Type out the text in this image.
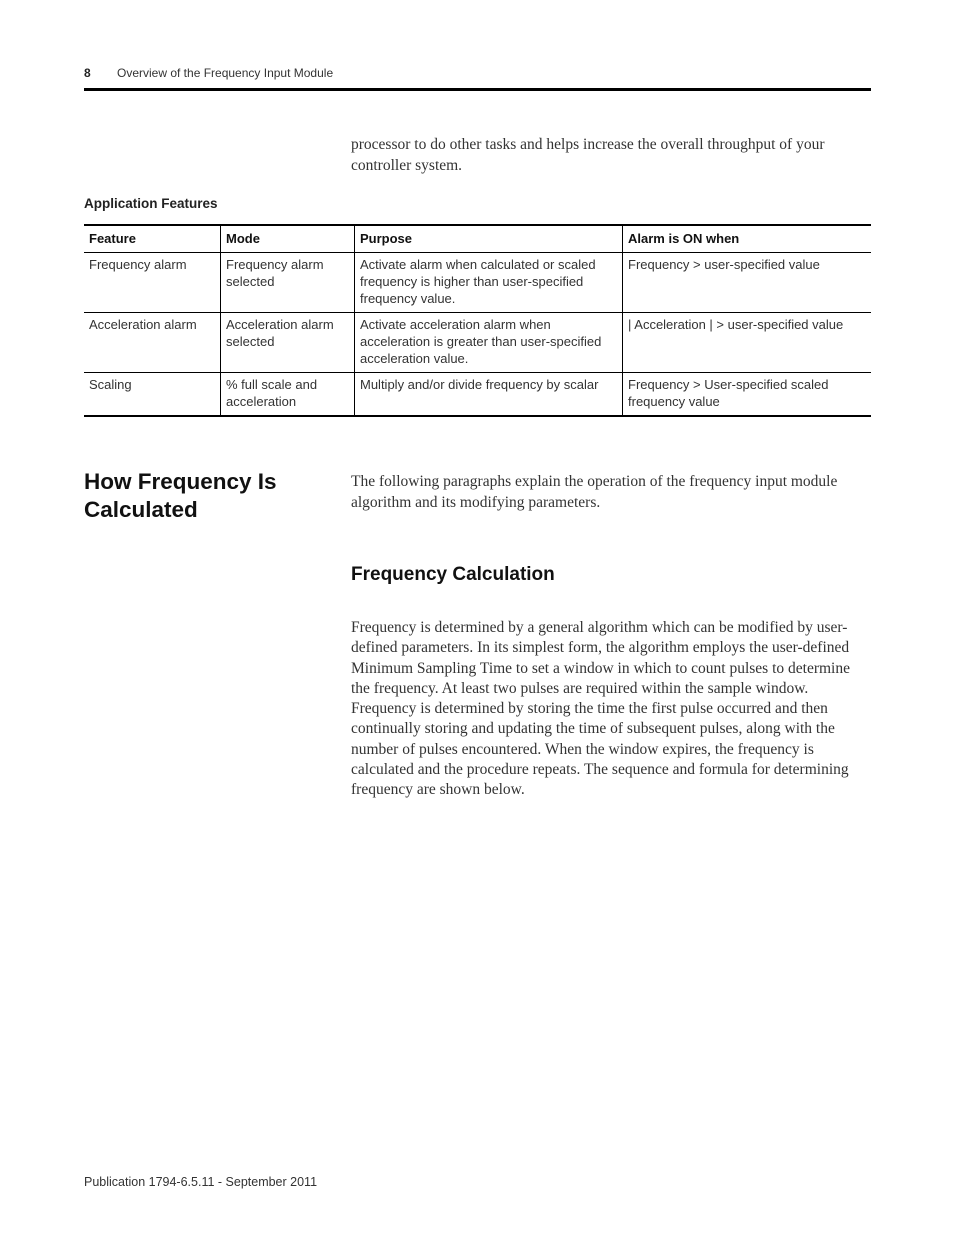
8 Overview of the Frequency Input Module

processor to do other tasks and helps increase the overall throughput of your controller system.

Application Features
Feature	Mode	Purpose	Alarm is ON when
Frequency alarm	Frequency alarm selected	Activate alarm when calculated or scaled frequency is higher than user-specified frequency value.	Frequency > user-specified value
Acceleration alarm	Acceleration alarm selected	Activate acceleration alarm when acceleration is greater than user-specified acceleration value.	| Acceleration | > user-specified value
Scaling	% full scale and acceleration	Multiply and/or divide frequency by scalar	Frequency > User-specified scaled frequency value
How Frequency Is Calculated

The following paragraphs explain the operation of the frequency input module algorithm and its modifying parameters.

Frequency Calculation

Frequency is determined by a general algorithm which can be modified by user-defined parameters. In its simplest form, the algorithm employs the user-defined Minimum Sampling Time to set a window in which to count pulses to determine the frequency. At least two pulses are required within the sample window. Frequency is determined by storing the time the first pulse occurred and then continually storing and updating the time of subsequent pulses, along with the number of pulses encountered. When the window expires, the frequency is calculated and the procedure repeats. The sequence and formula for determining frequency are shown below.

Publication 1794-6.5.11 - September 2011
